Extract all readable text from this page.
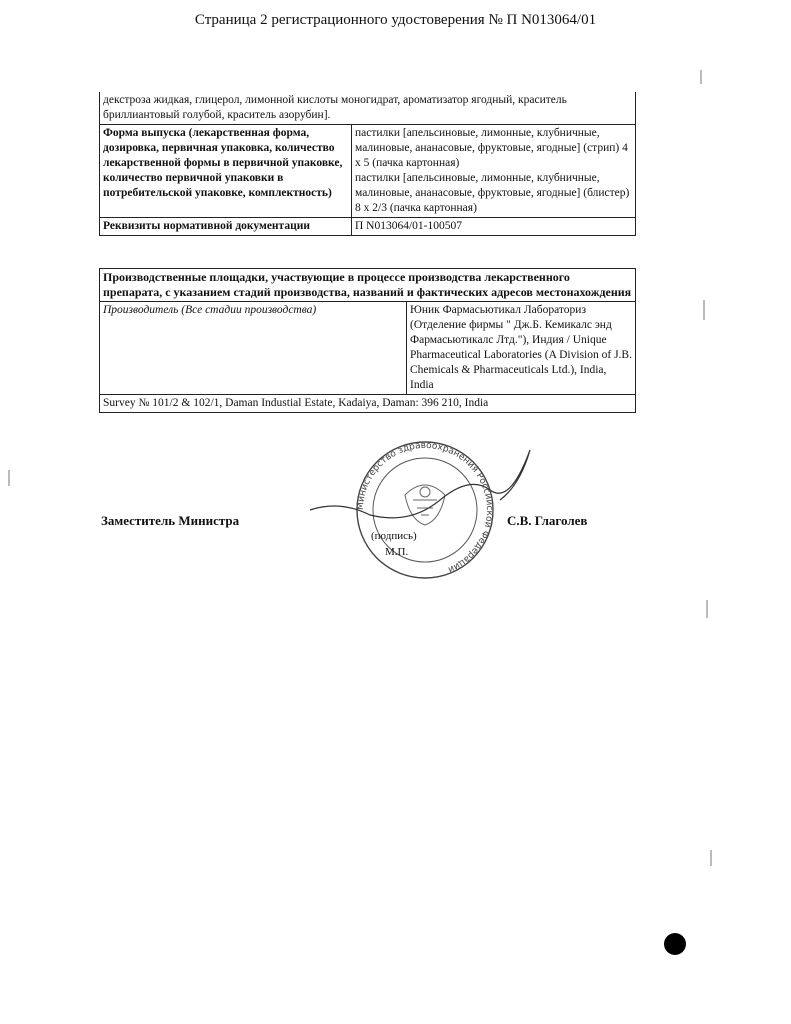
Страница 2 регистрационного удостоверения № П N013064/01
декстроза жидкая, глицерол, лимонной кислоты моногидрат, ароматизатор ягодный, краситель бриллиантовый голубой, краситель азорубин].	
Форма выпуска (лекарственная форма, дозировка, первичная упаковка, количество лекарственной формы в первичной упаковке, количество первичной упаковки в потребительской упаковке, комплектность)	пастилки [апельсиновые, лимонные, клубничные, малиновые, ананасовые, фруктовые, ягодные] (стрип) 4 x 5 (пачка картонная)
пастилки [апельсиновые, лимонные, клубничные, малиновые, ананасовые, фруктовые, ягодные] (блистер) 8 x 2/3 (пачка картонная)

Реквизиты нормативной документации	П N013064/01-100507
Производственные площадки, участвующие в процессе производства лекарственного препарата, с указанием стадий производства, названий и фактических адресов местонахождения
Производитель (Все стадии производства)	Юник Фармасьютикал Лабораториз (Отделение фирмы " Дж.Б. Кемикалс энд Фармасьютикалс Лтд."), Индия / Unique Pharmaceutical Laboratories (A Division of J.B. Chemicals & Pharmaceuticals Ltd.), India, India
Survey № 101/2 & 102/1, Daman Industial Estate, Kadaiya, Daman: 396 210, India
Министерство здравоохранения Российской Федерации
Заместитель Министра	С.В. Глаголев
(подпись)
М.П.
